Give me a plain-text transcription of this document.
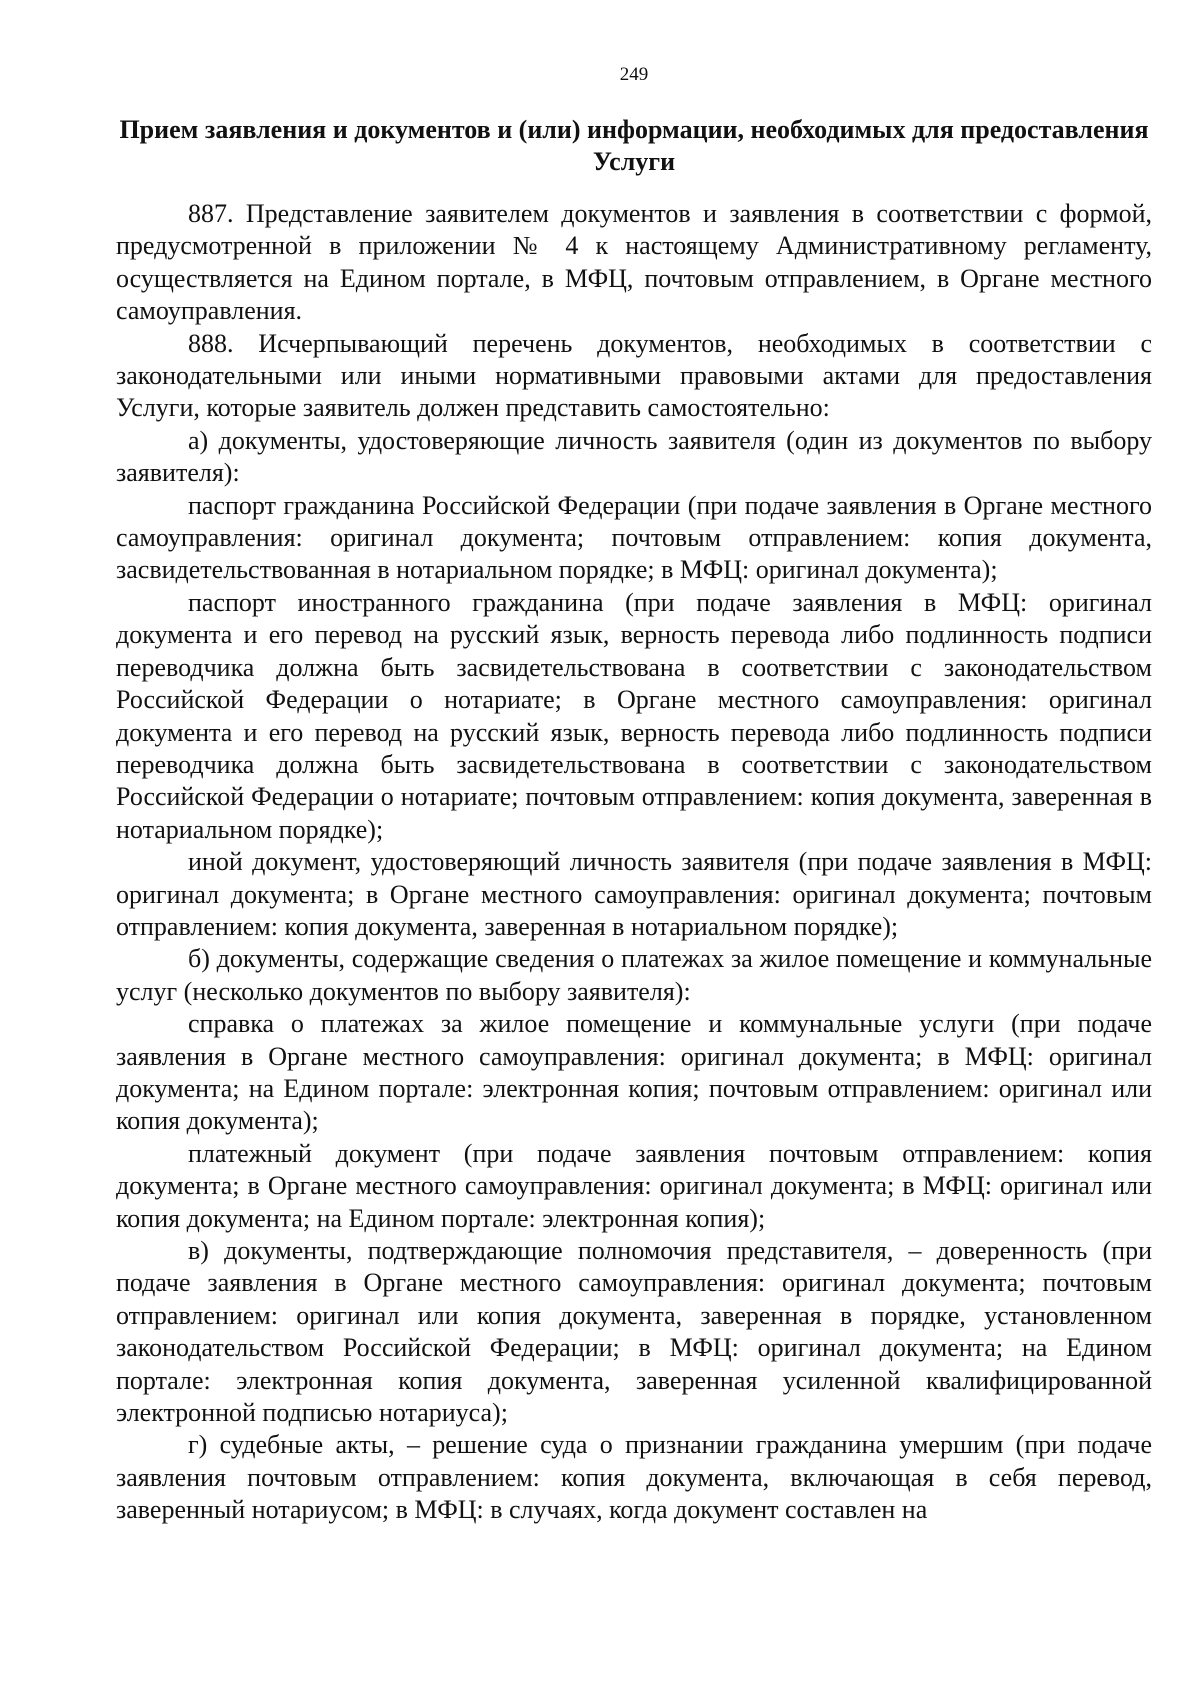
249
Прием заявления и документов и (или) информации, необходимых для предоставления Услуги

887. Представление заявителем документов и заявления в соответствии с формой, предусмотренной в приложении № 4 к настоящему Административному регламенту, осуществляется на Едином портале, в МФЦ, почтовым отправлением, в Органе местного самоуправления.

888. Исчерпывающий перечень документов, необходимых в соответствии с законодательными или иными нормативными правовыми актами для предоставления Услуги, которые заявитель должен представить самостоятельно:

а) документы, удостоверяющие личность заявителя (один из документов по выбору заявителя):

паспорт гражданина Российской Федерации (при подаче заявления в Органе местного самоуправления: оригинал документа; почтовым отправлением: копия документа, засвидетельствованная в нотариальном порядке; в МФЦ: оригинал документа);

паспорт иностранного гражданина (при подаче заявления в МФЦ: оригинал документа и его перевод на русский язык, верность перевода либо подлинность подписи переводчика должна быть засвидетельствована в соответствии с законодательством Российской Федерации о нотариате; в Органе местного самоуправления: оригинал документа и его перевод на русский язык, верность перевода либо подлинность подписи переводчика должна быть засвидетельствована в соответствии с законодательством Российской Федерации о нотариате; почтовым отправлением: копия документа, заверенная в нотариальном порядке);

иной документ, удостоверяющий личность заявителя (при подаче заявления в МФЦ: оригинал документа; в Органе местного самоуправления: оригинал документа; почтовым отправлением: копия документа, заверенная в нотариальном порядке);

б) документы, содержащие сведения о платежах за жилое помещение и коммунальные услуг (несколько документов по выбору заявителя):

справка о платежах за жилое помещение и коммунальные услуги (при подаче заявления в Органе местного самоуправления: оригинал документа; в МФЦ: оригинал документа; на Едином портале: электронная копия; почтовым отправлением: оригинал или копия документа);

платежный документ (при подаче заявления почтовым отправлением: копия документа; в Органе местного самоуправления: оригинал документа; в МФЦ: оригинал или копия документа; на Едином портале: электронная копия);

в) документы, подтверждающие полномочия представителя, – доверенность (при подаче заявления в Органе местного самоуправления: оригинал документа; почтовым отправлением: оригинал или копия документа, заверенная в порядке, установленном законодательством Российской Федерации; в МФЦ: оригинал документа; на Едином портале: электронная копия документа, заверенная усиленной квалифицированной электронной подписью нотариуса);

г) судебные акты, – решение суда о признании гражданина умершим (при подаче заявления почтовым отправлением: копия документа, включающая в себя перевод, заверенный нотариусом; в МФЦ: в случаях, когда документ составлен на
